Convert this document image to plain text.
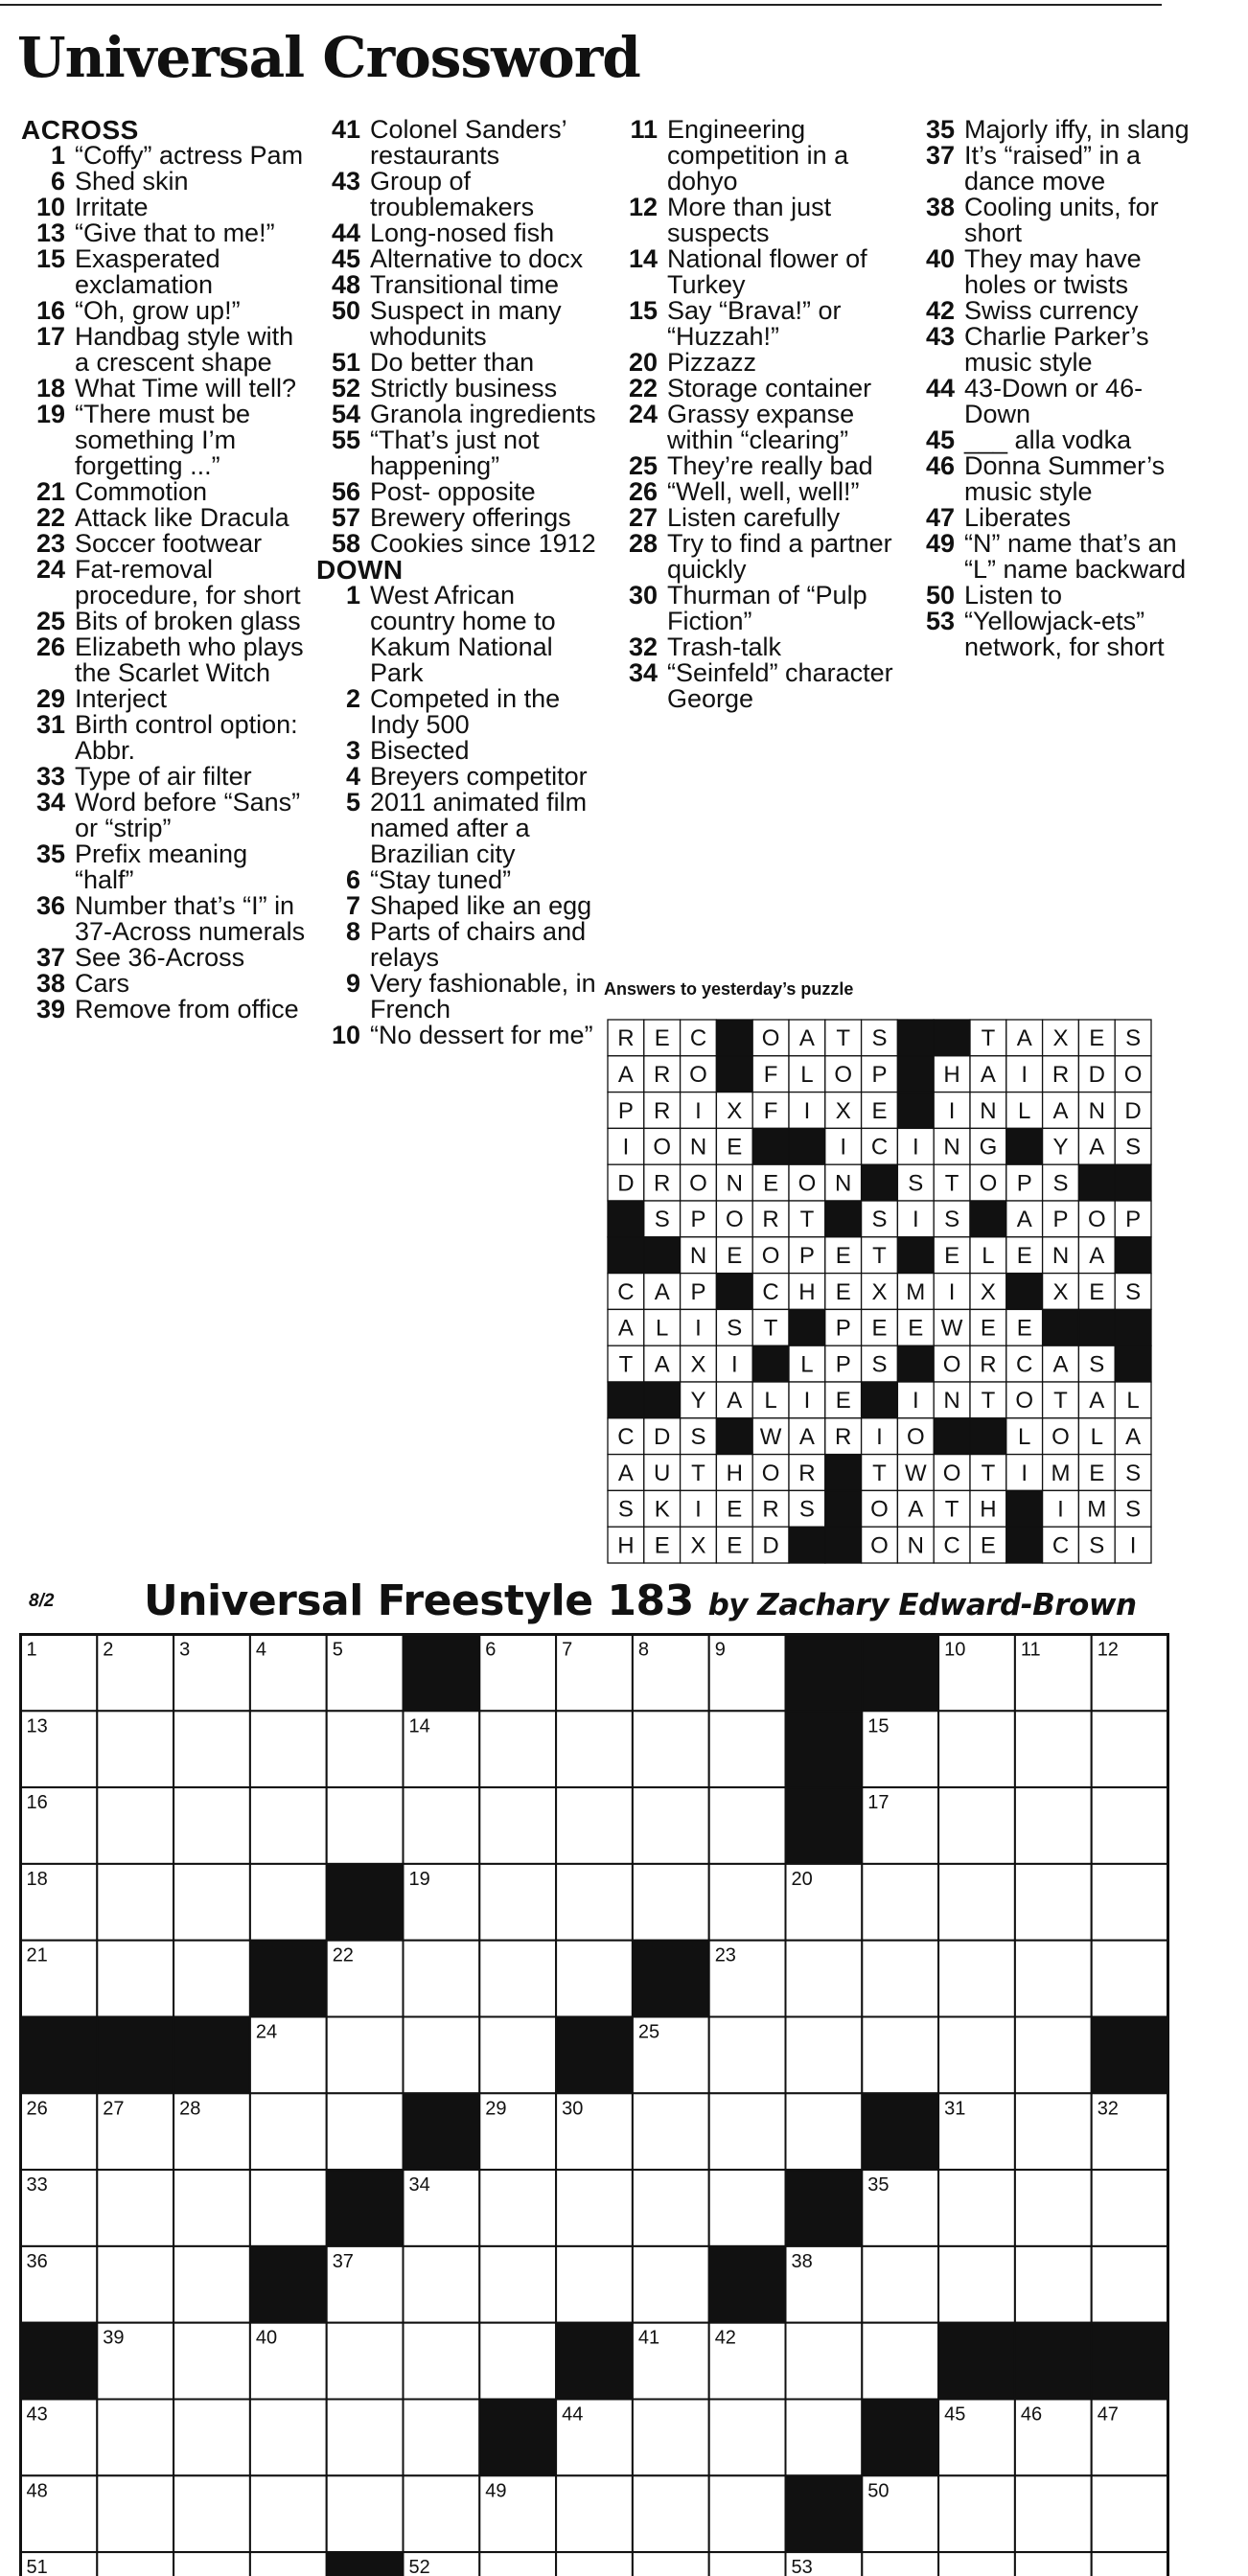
Universal Crossword
ACROSS
1 “Coffy” actress Pam
6 Shed skin
10 Irritate
13 “Give that to me!”
15 Exasperated exclamation
16 “Oh, grow up!”
17 Handbag style with a crescent shape
18 What Time will tell?
19 “There must be something I’m forgetting ...”
21 Commotion
22 Attack like Dracula
23 Soccer footwear
24 Fat-removal procedure, for short
25 Bits of broken glass
26 Elizabeth who plays the Scarlet Witch
29 Interject
31 Birth control option: Abbr.
33 Type of air filter
34 Word before “Sans” or “strip”
35 Prefix meaning “half”
36 Number that’s “I” in 37-Across numerals
37 See 36-Across
38 Cars
39 Remove from office
41 Colonel Sanders’ restaurants
43 Group of troublemakers
44 Long-nosed fish
45 Alternative to docx
48 Transitional time
50 Suspect in many whodunits
51 Do better than
52 Strictly business
54 Granola ingredients
55 “That’s just not happening”
56 Post- opposite
57 Brewery offerings
58 Cookies since 1912
DOWN
1 West African country home to Kakum National Park
2 Competed in the Indy 500
3 Bisected
4 Breyers competitor
5 2011 animated film named after a Brazilian city
6 “Stay tuned”
7 Shaped like an egg
8 Parts of chairs and relays
9 Very fashionable, in French
10 “No dessert for me”
11 Engineering competition in a dohyo
12 More than just suspects
14 National flower of Turkey
15 Say “Brava!” or “Huzzah!”
20 Pizzazz
22 Storage container
24 Grassy expanse within “clearing”
25 They’re really bad
26 “Well, well, well!”
27 Listen carefully
28 Try to find a partner quickly
30 Thurman of “Pulp Fiction”
32 Trash-talk
34 “Seinfeld” character George
35 Majorly iffy, in slang
37 It’s “raised” in a dance move
38 Cooling units, for short
40 They may have holes or twists
42 Swiss currency
43 Charlie Parker’s music style
44 43-Down or 46-Down
45 ___ alla vodka
46 Donna Summer’s music style
47 Liberates
49 “N” name that’s an “L” name backward
50 Listen to
53 “Yellowjack-ets” network, for short
Answers to yesterday’s puzzle
R E C O A T S	T A X E S
A R O F L O P H A I R D O
P R I X F I X E	I N L A N D
I O N E	I C I N G Y A S
D R O N E O N S T O P S
S P O R T	S I S A P O P
N E O P E T	E L E N A
C A P C H E X M I X X E S
A L I S T	P E E W E E
T A X I	L P S O R C A S
Y A L I E	I N T O T A L
C D S W A R I O	L O L A
A U T H O R T W O T I M E S
S K I E R S O A T H	I M S
H E X E D	O N C E C S I
8/2 Universal Freestyle 183 by Zachary Edward-Brown
1	2	3	4	5	6	7	8	9	10	11	12
13	14	15
16	17
18	19	20
21	22	23
24	25
26	27	28	29	30	31	32
33	34	35
36	37	38
39	40	41	42
43	44	45	46	47
48	49	50
51	52	53
